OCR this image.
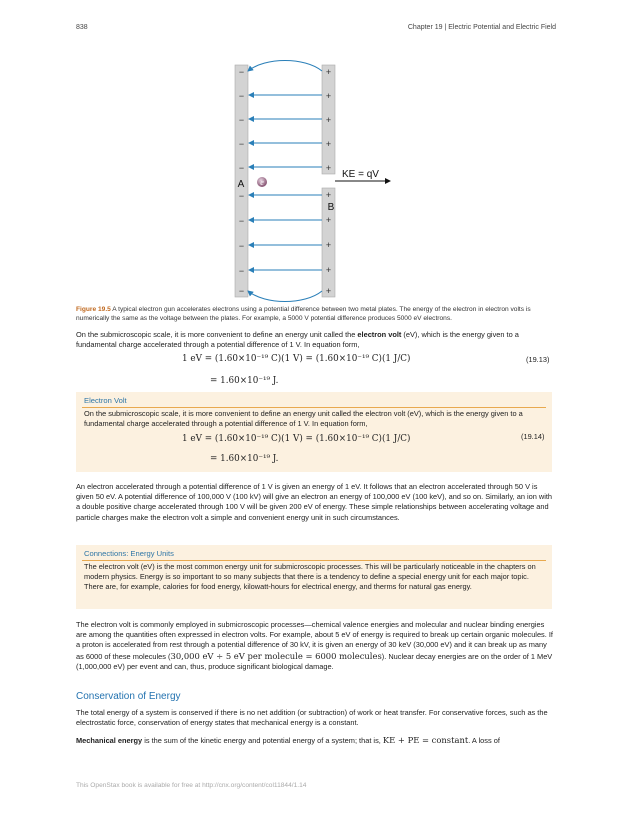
838	Chapter 19 | Electric Potential and Electric Field
−
−
−
−
−
−
−
−
−
−
+
+
+
+
+
+
+
+
+
+
A
B
e
KE = qV
Figure 19.5 A typical electron gun accelerates electrons using a potential difference between two metal plates. The energy of the electron in electron volts is numerically the same as the voltage between the plates. For example, a 5000 V potential difference produces 5000 eV electrons.

On the submicroscopic scale, it is more convenient to define an energy unit called the electron volt (eV), which is the energy given to a fundamental charge accelerated through a potential difference of 1 V. In equation form,

1 eV = (1.60×10⁻¹⁹ C)(1 V) = (1.60×10⁻¹⁹ C)(1 J/C)
= 1.60×10⁻¹⁹ J.
(19.13)
Electron Volt
On the submicroscopic scale, it is more convenient to define an energy unit called the electron volt (eV), which is the energy given to a fundamental charge accelerated through a potential difference of 1 V. In equation form,
1 eV = (1.60×10⁻¹⁹ C)(1 V) = (1.60×10⁻¹⁹ C)(1 J/C)
= 1.60×10⁻¹⁹ J.
(19.14)

An electron accelerated through a potential difference of 1 V is given an energy of 1 eV. It follows that an electron accelerated through 50 V is given 50 eV. A potential difference of 100,000 V (100 kV) will give an electron an energy of 100,000 eV (100 keV), and so on. Similarly, an ion with a double positive charge accelerated through 100 V will be given 200 eV of energy. These simple relationships between accelerating voltage and particle charges make the electron volt a simple and convenient energy unit in such circumstances.

Connections: Energy Units
The electron volt (eV) is the most common energy unit for submicroscopic processes. This will be particularly noticeable in the chapters on modern physics. Energy is so important to so many subjects that there is a tendency to define a special energy unit for each major topic. There are, for example, calories for food energy, kilowatt-hours for electrical energy, and therms for natural gas energy.

The electron volt is commonly employed in submicroscopic processes—chemical valence energies and molecular and nuclear binding energies are among the quantities often expressed in electron volts. For example, about 5 eV of energy is required to break up certain organic molecules. If a proton is accelerated from rest through a potential difference of 30 kV, it is given an energy of 30 keV (30,000 eV) and it can break up as many as 6000 of these molecules (30,000 eV ÷ 5 eV per molecule = 6000 molecules). Nuclear decay energies are on the order of 1 MeV (1,000,000 eV) per event and can, thus, produce significant biological damage.

Conservation of Energy

The total energy of a system is conserved if there is no net addition (or subtraction) of work or heat transfer. For conservative forces, such as the electrostatic force, conservation of energy states that mechanical energy is a constant.

Mechanical energy is the sum of the kinetic energy and potential energy of a system; that is, KE + PE = constant. A loss of

This OpenStax book is available for free at http://cnx.org/content/col11844/1.14
